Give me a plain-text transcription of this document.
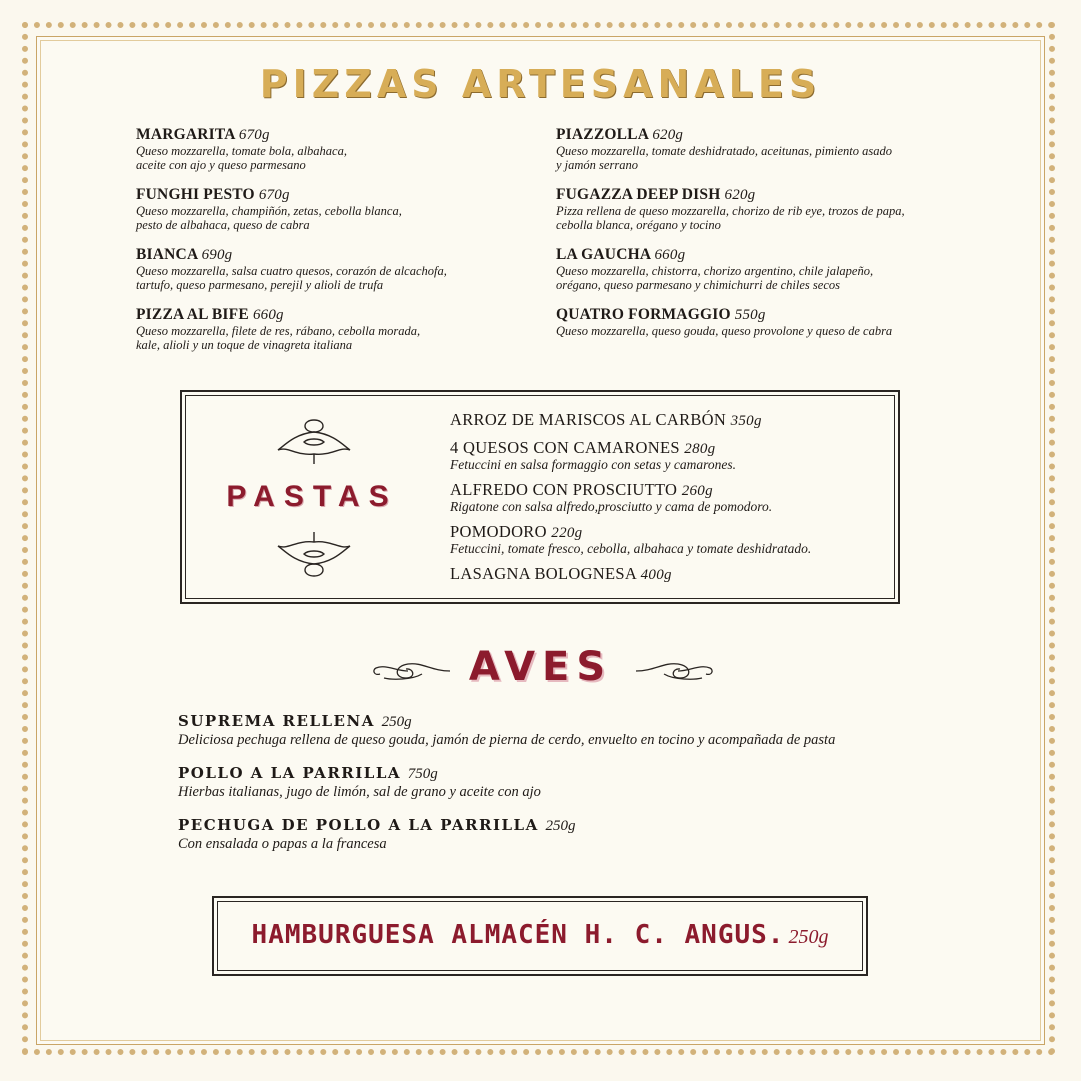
PIZZAS ARTESANALES
MARGARITA 670g
Queso mozzarella, tomate bola, albahaca,
aceite con ajo y queso parmesano
FUNGHI PESTO 670g
Queso mozzarella, champiñón, zetas, cebolla blanca,
pesto de albahaca, queso de cabra
BIANCA 690g
Queso mozzarella, salsa cuatro quesos, corazón de alcachofa,
tartufo, queso parmesano, perejil y alioli de trufa
PIZZA AL BIFE 660g
Queso mozzarella, filete de res, rábano, cebolla morada,
kale, alioli y un toque de vinagreta italiana
PIAZZOLLA 620g
Queso mozzarella, tomate deshidratado, aceitunas, pimiento asado
y jamón serrano
FUGAZZA DEEP DISH 620g
Pizza rellena de queso mozzarella, chorizo de rib eye, trozos de papa,
cebolla blanca, orégano y tocino
LA GAUCHA 660g
Queso mozzarella, chistorra, chorizo argentino, chile jalapeño,
orégano, queso parmesano y chimichurri de chiles secos
QUATRO FORMAGGIO 550g
Queso mozzarella, queso gouda, queso provolone y queso de cabra
PASTAS
ARROZ DE MARISCOS AL CARBÓN 350g
4 QUESOS CON CAMARONES 280g
Fetuccini en salsa formaggio con setas y camarones.
ALFREDO CON PROSCIUTTO 260g
Rigatone con salsa alfredo,prosciutto y cama de pomodoro.
POMODORO 220g
Fetuccini, tomate fresco, cebolla, albahaca y tomate deshidratado.
LASAGNA BOLOGNESA 400g
AVES
SUPREMA RELLENA 250g
Deliciosa pechuga rellena de queso gouda, jamón de pierna de cerdo, envuelto en tocino y acompañada de pasta
POLLO A LA PARRILLA 750g
Hierbas italianas, jugo de limón, sal de grano y aceite con ajo
PECHUGA DE POLLO A LA PARRILLA 250g
Con ensalada o papas a la francesa
HAMBURGUESA ALMACÉN H. C. ANGUS. 250g
